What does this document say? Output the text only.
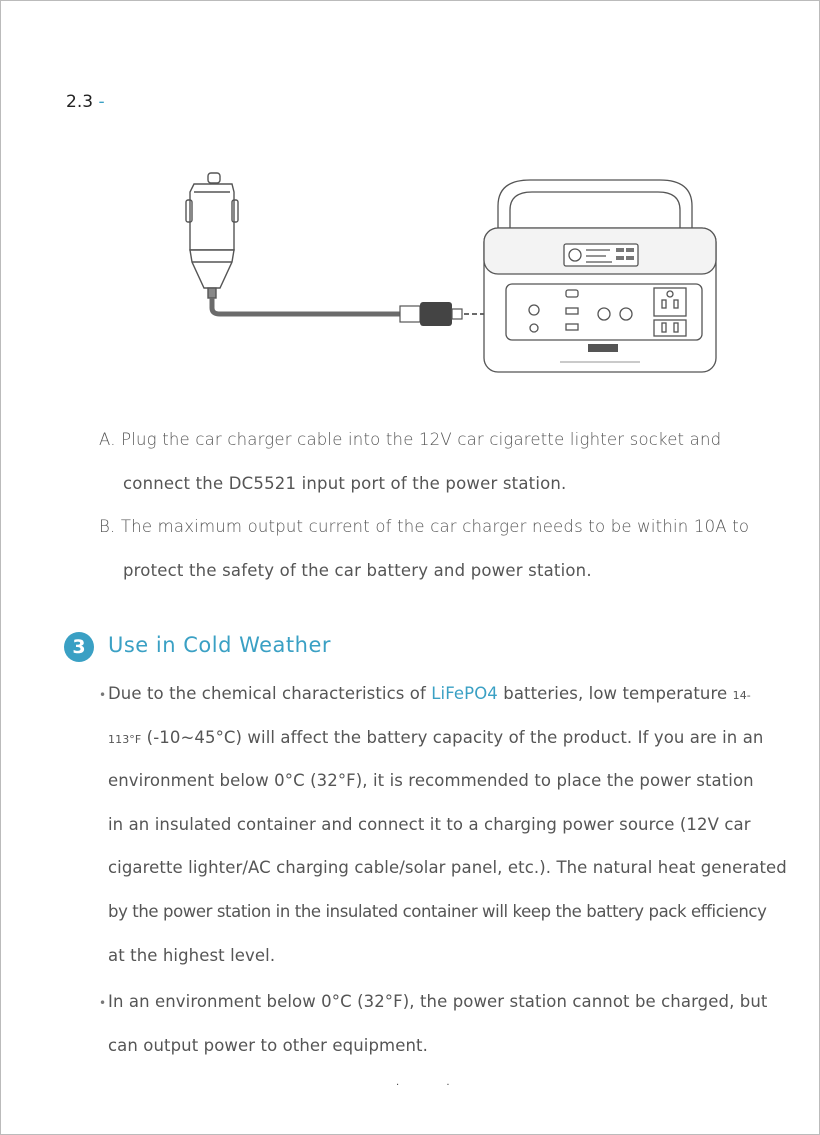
2.3 -
A. Plug the car charger cable into the 12V car cigarette lighter socket and
connect the DC5521 input port of the power station.
B. The maximum output current of the car charger needs to be within 10A to
protect the safety of the car battery and power station.
3	Use in Cold Weather
• Due to the chemical characteristics of LiFePO4 batteries, low temperature 14-
113°F (-10~45°C) will affect the battery capacity of the product. If you are in an
environment below 0°C (32°F), it is recommended to place the power station
in an insulated container and connect it to a charging power source (12V car
cigarette lighter/AC charging cable/solar panel, etc.). The natural heat generated
by the power station in the insulated container will keep the battery pack efficiency
at the highest level.
• In an environment below 0°C (32°F), the power station cannot be charged, but
can output power to other equipment.
· ·
